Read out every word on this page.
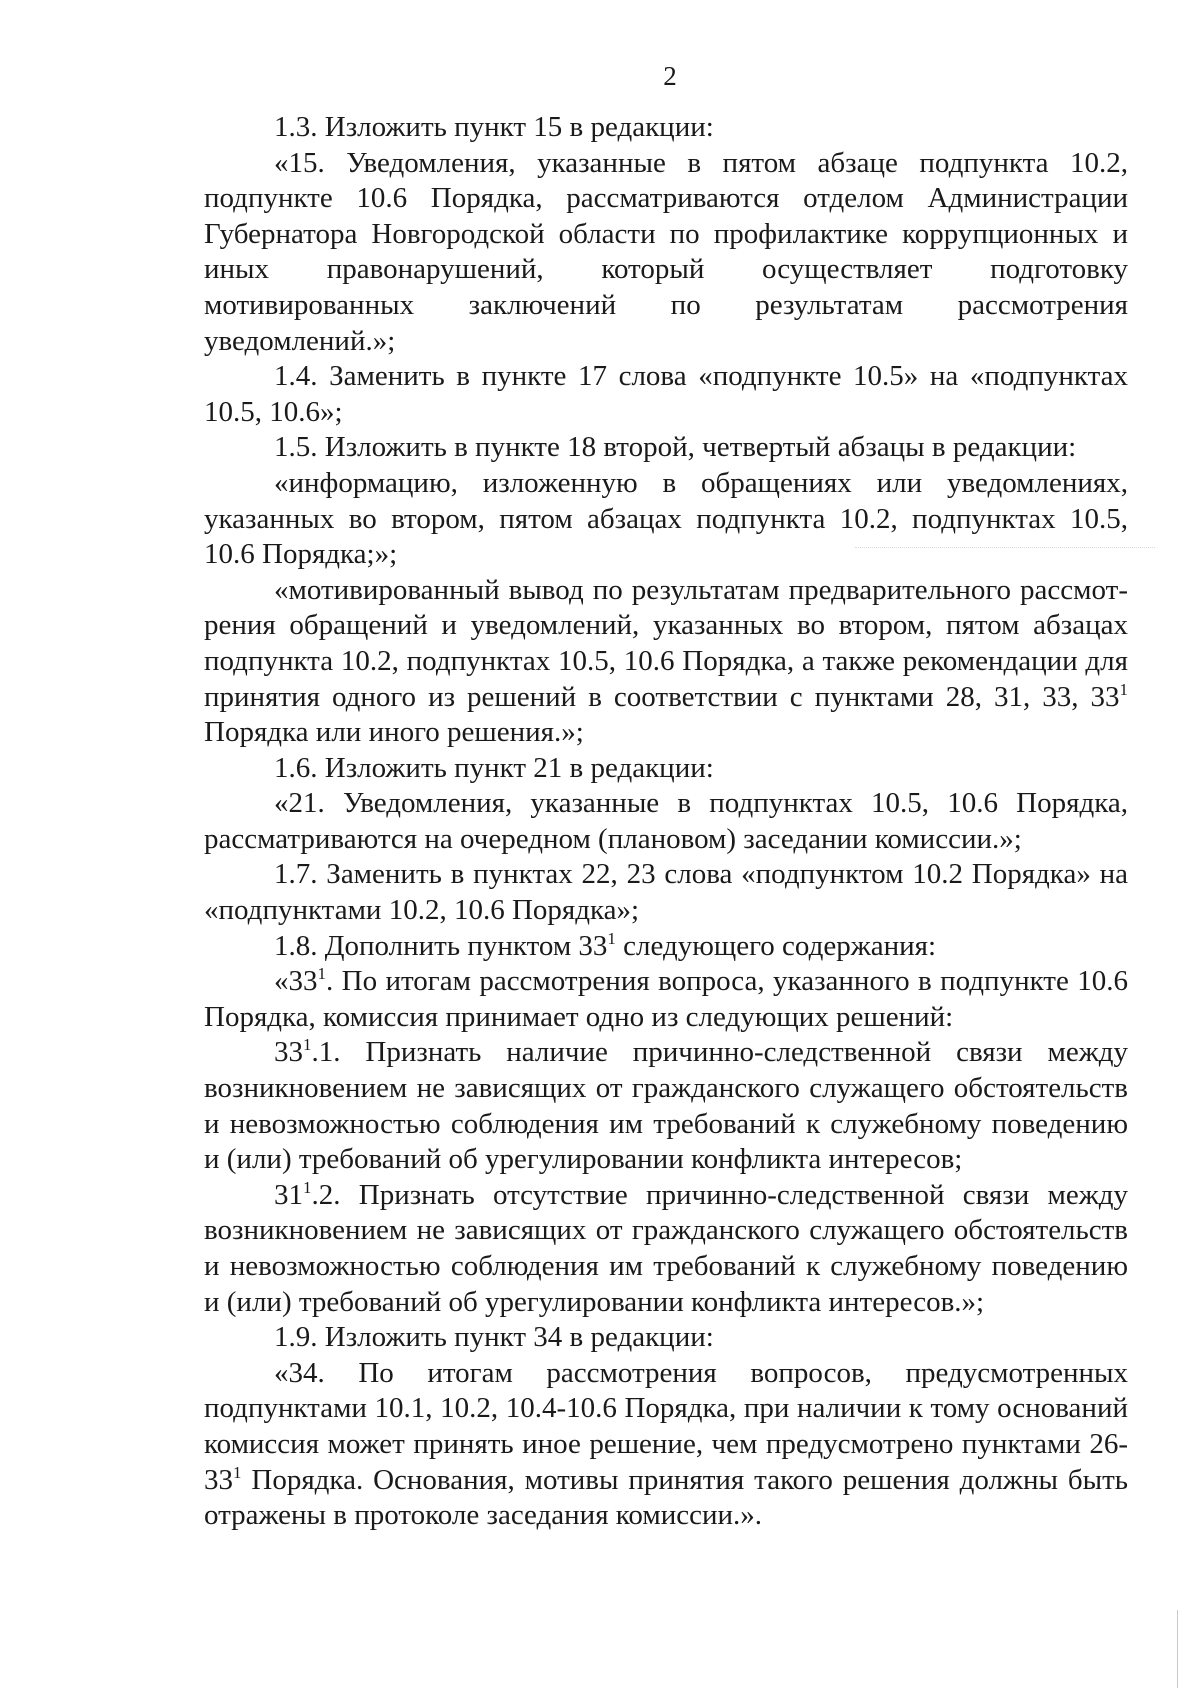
2

1.3. Изложить пункт 15 в редакции:

«15. Уведомления, указанные в пятом абзаце подпункта 10.2, подпункте 10.6 Порядка, рассматриваются отделом Администрации Губернатора Новгородской области по профилактике коррупционных и иных правонарушений, который осуществляет подготовку мотивированных заключений по результатам рассмотрения уведомлений.»;

1.4. Заменить в пункте 17 слова «подпункте 10.5» на «подпунктах 10.5, 10.6»;

1.5. Изложить в пункте 18 второй, четвертый абзацы в редакции:

«информацию, изложенную в обращениях или уведомлениях, указанных во втором, пятом абзацах подпункта 10.2, подпунктах 10.5, 10.6 Порядка;»;

«мотивированный вывод по результатам предварительного рассмотрения обращений и уведомлений, указанных во втором, пятом абзацах подпункта 10.2, подпунктах 10.5, 10.6 Порядка, а также рекомендации для принятия одного из решений в соответствии с пунктами 28, 31, 33, $33^1$ Порядка или иного решения.»;

1.6. Изложить пункт 21 в редакции:

«21. Уведомления, указанные в подпунктах 10.5, 10.6 Порядка, рассматриваются на очередном (плановом) заседании комиссии.»;

1.7. Заменить в пунктах 22, 23 слова «подпунктом 10.2 Порядка» на «подпунктами 10.2, 10.6 Порядка»;

1.8. Дополнить пунктом $33^1$ следующего содержания:

«$33^1$. По итогам рассмотрения вопроса, указанного в подпункте 10.6 Порядка, комиссия принимает одно из следующих решений:

$33^1.1$. Признать наличие причинно-следственной связи между возникновением не зависящих от гражданского служащего обстоятельств и невозможностью соблюдения им требований к служебному поведению и (или) требований об урегулировании конфликта интересов;

$31^1.2$. Признать отсутствие причинно-следственной связи между возникновением не зависящих от гражданского служащего обстоятельств и невозможностью соблюдения им требований к служебному поведению и (или) требований об урегулировании конфликта интересов.»;

1.9. Изложить пункт 34 в редакции:

«34. По итогам рассмотрения вопросов, предусмотренных подпунктами 10.1, 10.2, 10.4-10.6 Порядка, при наличии к тому оснований комиссия может принять иное решение, чем предусмотрено пунктами $26-33^1$ Порядка. Основания, мотивы принятия такого решения должны быть отражены в протоколе заседания комиссии.».
